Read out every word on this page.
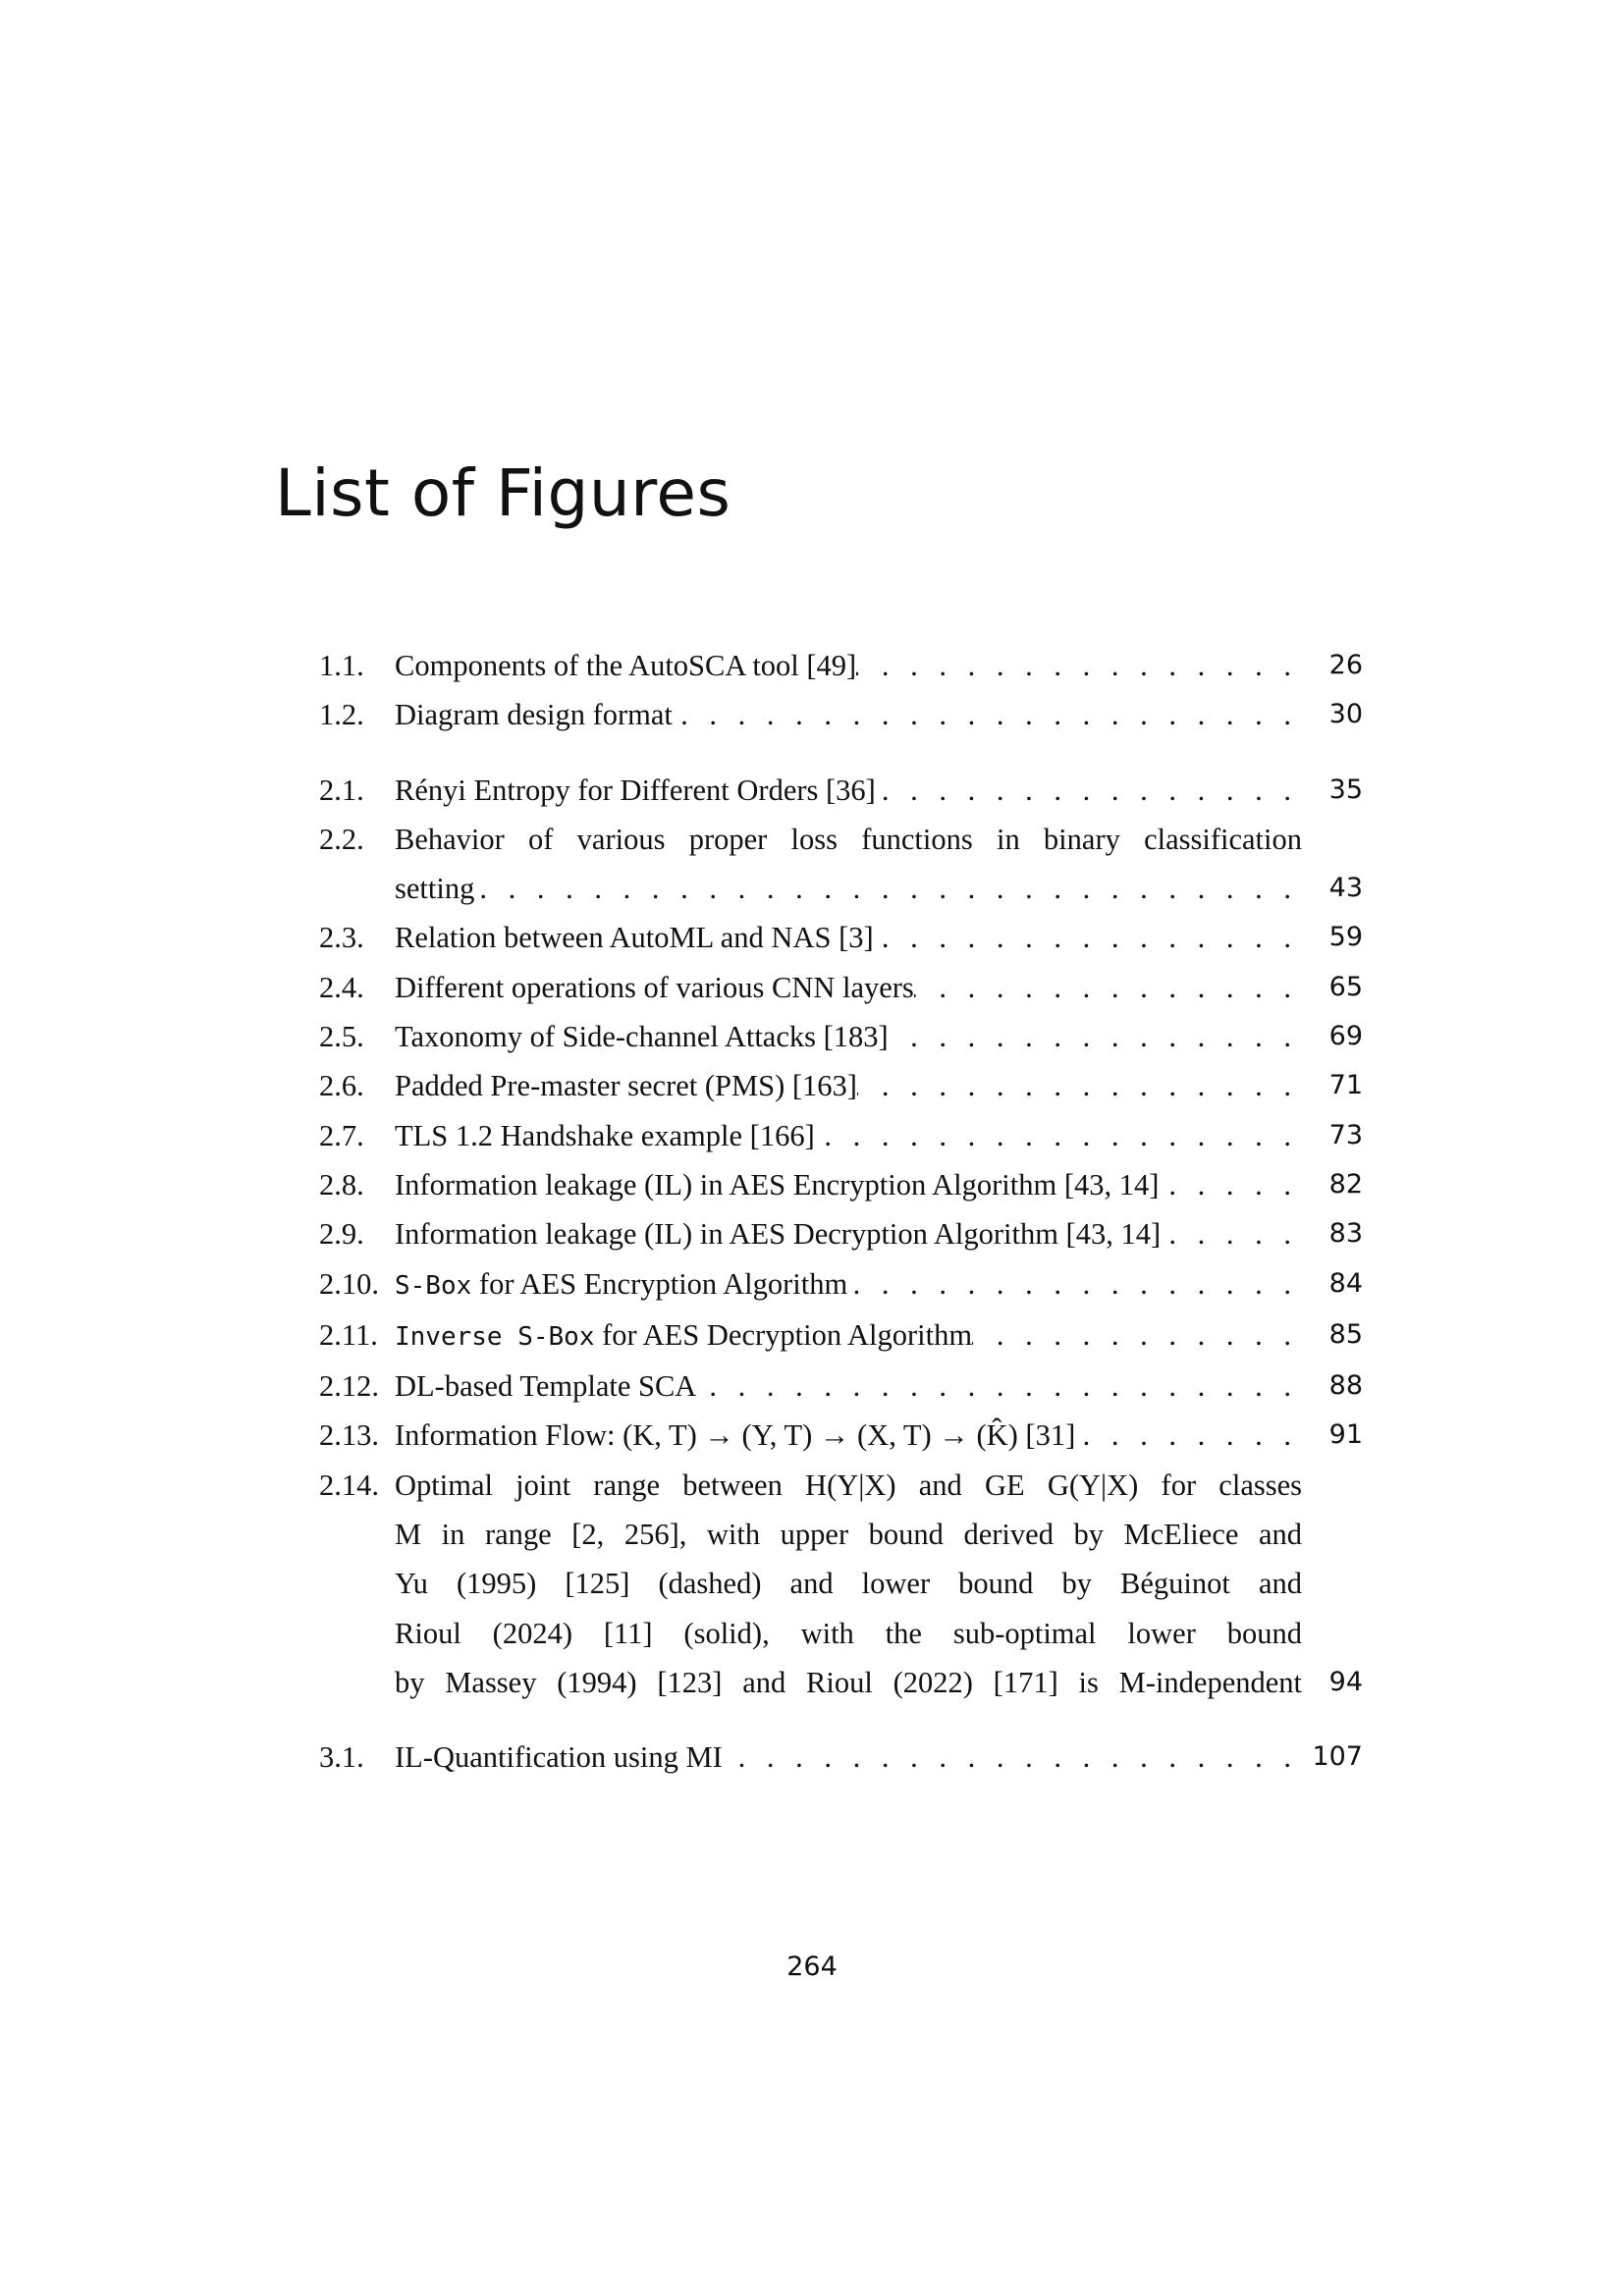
List of Figures
1.1.	Components of the AutoSCA tool [49] . . .	26
1.2.	Diagram design format . . .	30
2.1.	Rényi Entropy for Different Orders [36] . . .	35
2.2.	Behavior of various proper loss functions in binary classification
setting . . .	43
2.3.	Relation between AutoML and NAS [3] . . .	59
2.4.	Different operations of various CNN layers . . .	65
2.5.	Taxonomy of Side-channel Attacks [183] . . .	69
2.6.	Padded Pre-master secret (PMS) [163] . . .	71
2.7.	TLS 1.2 Handshake example [166] . . .	73
2.8.	Information leakage (IL) in AES Encryption Algorithm [43, 14] . . .	82
2.9.	Information leakage (IL) in AES Decryption Algorithm [43, 14] . . .	83
2.10. S-Box for AES Encryption Algorithm . . .	84
2.11. Inverse S-Box for AES Decryption Algorithm . . .	85
2.12. DL-based Template SCA . . .	88
2.13. Information Flow: (K, T) → (Y, T) → (X, T) → (K̂) [31] . . .	91
2.14. Optimal joint range between H(Y|X) and GE G(Y|X) for classes
M in range [2, 256], with upper bound derived by McEliece and
Yu (1995) [125] (dashed) and lower bound by Béguinot and
Rioul (2024) [11] (solid), with the sub-optimal lower bound
by Massey (1994) [123] and Rioul (2022) [171] is M-independent	94
3.1.	IL-Quantification using MI . . .	107
264
